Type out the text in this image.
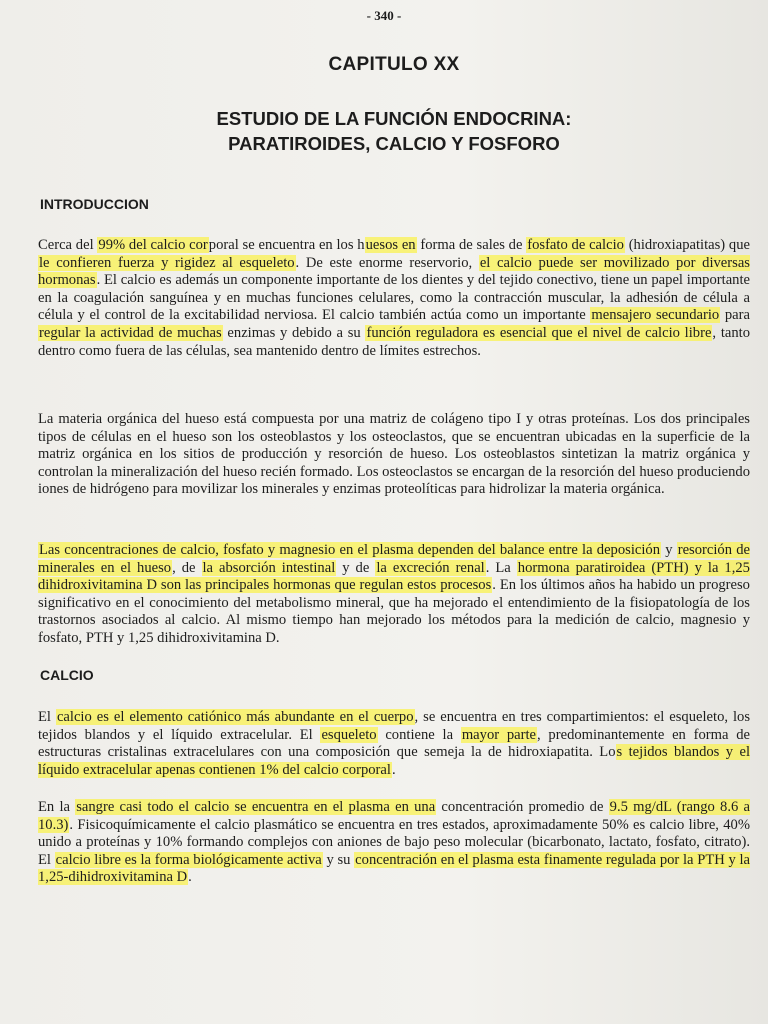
- 340 -
CAPITULO XX
ESTUDIO DE LA FUNCIÓN ENDOCRINA:
PARATIROIDES, CALCIO Y FOSFORO
INTRODUCCION

Cerca del 99% del calcio corporal se encuentra en los huesos en forma de sales de fosfato de calcio (hidroxiapatitas) que le confieren fuerza y rigidez al esqueleto. De este enorme reservorio, el calcio puede ser movilizado por diversas hormonas. El calcio es además un componente importante de los dientes y del tejido conectivo, tiene un papel importante en la coagulación sanguínea y en muchas funciones celulares, como la contracción muscular, la adhesión de célula a célula y el control de la excitabilidad nerviosa. El calcio también actúa como un importante mensajero secundario para regular la actividad de muchas enzimas y debido a su función reguladora es esencial que el nivel de calcio libre, tanto dentro como fuera de las células, sea mantenido dentro de límites estrechos.

La materia orgánica del hueso está compuesta por una matriz de colágeno tipo I y otras proteínas. Los dos principales tipos de células en el hueso son los osteoblastos y los osteoclastos, que se encuentran ubicadas en la superficie de la matriz orgánica en los sitios de producción y resorción de hueso. Los osteoblastos sintetizan la matriz orgánica y controlan la mineralización del hueso recién formado. Los osteoclastos se encargan de la resorción del hueso produciendo iones de hidrógeno para movilizar los minerales y enzimas proteolíticas para hidrolizar la materia orgánica.

Las concentraciones de calcio, fosfato y magnesio en el plasma dependen del balance entre la deposición y resorción de minerales en el hueso, de la absorción intestinal y de la excreción renal. La hormona paratiroidea (PTH) y la 1,25 dihidroxivitamina D son las principales hormonas que regulan estos procesos. En los últimos años ha habido un progreso significativo en el conocimiento del metabolismo mineral, que ha mejorado el entendimiento de la fisiopatología de los trastornos asociados al calcio. Al mismo tiempo han mejorado los métodos para la medición de calcio, magnesio y fosfato, PTH y 1,25 dihidroxivitamina D.

CALCIO

El calcio es el elemento catiónico más abundante en el cuerpo, se encuentra en tres compartimientos: el esqueleto, los tejidos blandos y el líquido extracelular. El esqueleto contiene la mayor parte, predominantemente en forma de estructuras cristalinas extracelulares con una composición que semeja la de hidroxiapatita. Los tejidos blandos y el líquido extracelular apenas contienen 1% del calcio corporal.

En la sangre casi todo el calcio se encuentra en el plasma en una concentración promedio de 9.5 mg/dL (rango 8.6 a 10.3). Fisicoquímicamente el calcio plasmático se encuentra en tres estados, aproximadamente 50% es calcio libre, 40% unido a proteínas y 10% formando complejos con aniones de bajo peso molecular (bicarbonato, lactato, fosfato, citrato). El calcio libre es la forma biológicamente activa y su concentración en el plasma esta finamente regulada por la PTH y la 1,25-dihidroxivitamina D.
